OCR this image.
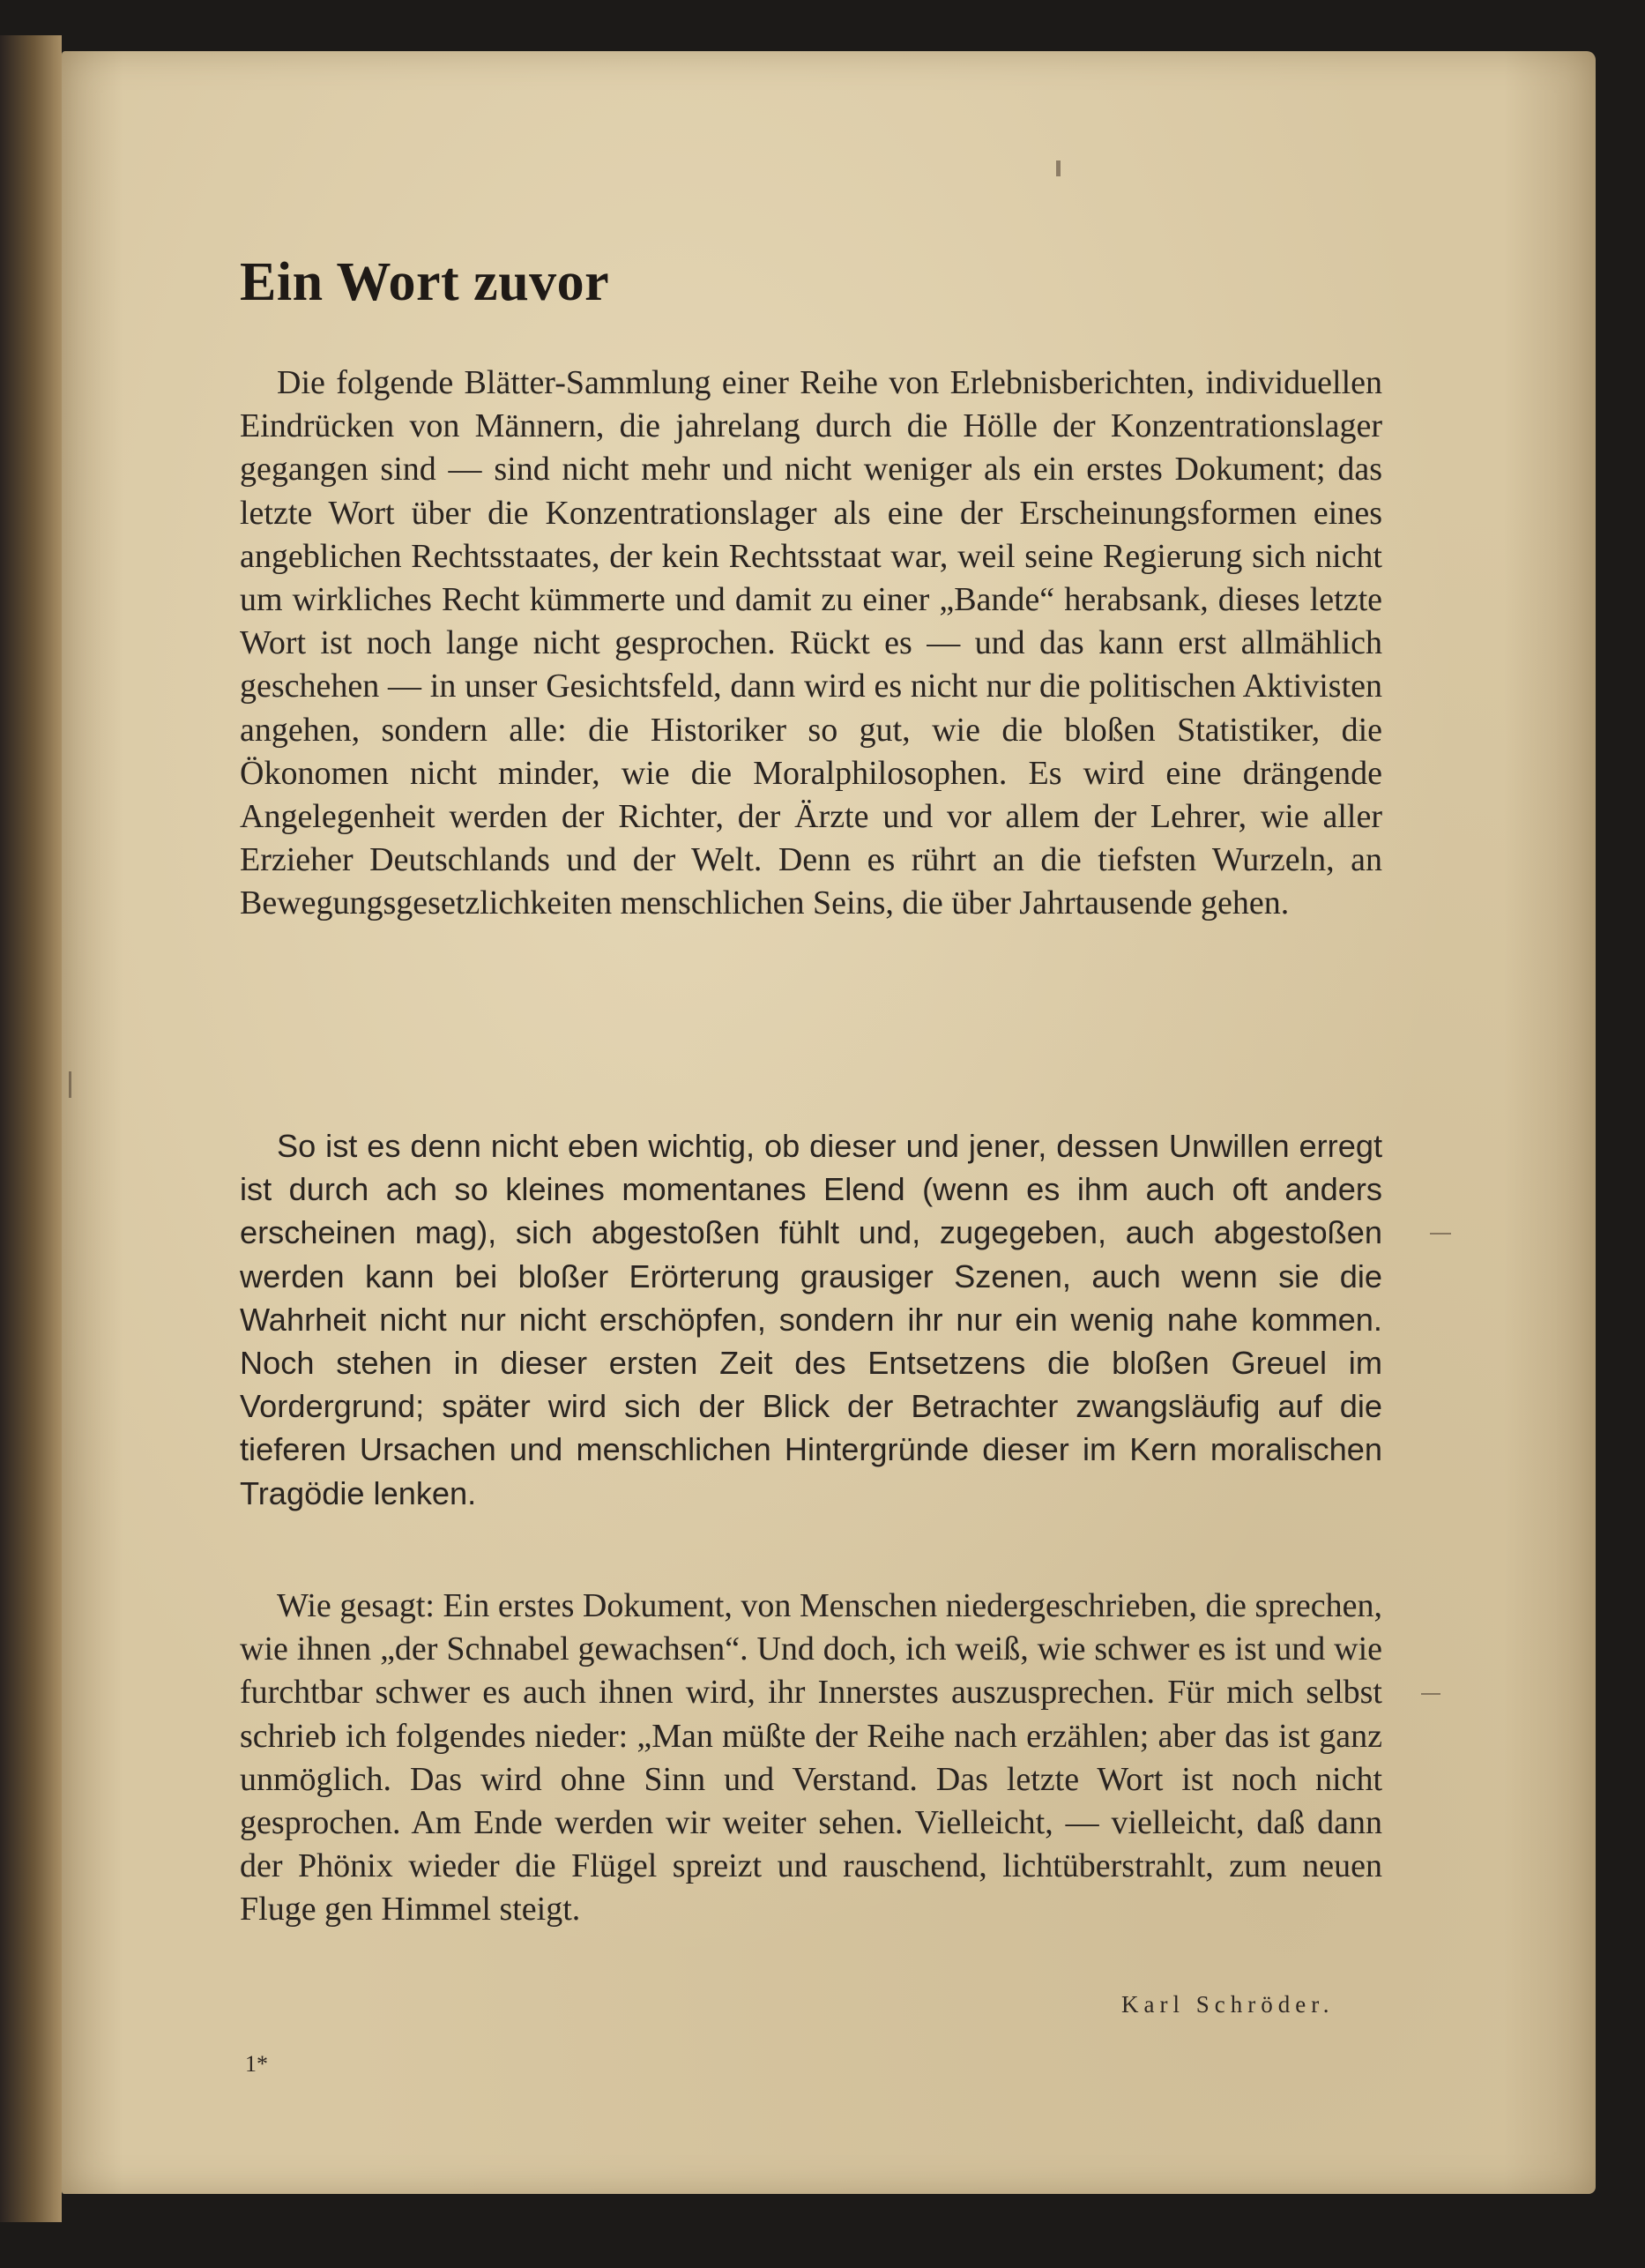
Ein Wort zuvor

Die folgende Blätter-Sammlung einer Reihe von Erlebnisberichten, individuellen Eindrücken von Männern, die jahrelang durch die Hölle der Konzentrationslager gegangen sind — sind nicht mehr und nicht weniger als ein erstes Dokument; das letzte Wort über die Konzentrationslager als eine der Erscheinungsformen eines angeblichen Rechtsstaates, der kein Rechtsstaat war, weil seine Regierung sich nicht um wirkliches Recht kümmerte und damit zu einer „Bande“ herabsank, dieses letzte Wort ist noch lange nicht gesprochen. Rückt es — und das kann erst allmählich geschehen — in unser Gesichtsfeld, dann wird es nicht nur die politischen Aktivisten angehen, sondern alle: die Historiker so gut, wie die bloßen Statistiker, die Ökonomen nicht minder, wie die Moralphilosophen. Es wird eine drängende Angelegenheit werden der Richter, der Ärzte und vor allem der Lehrer, wie aller Erzieher Deutschlands und der Welt. Denn es rührt an die tiefsten Wurzeln, an Bewegungsgesetzlichkeiten menschlichen Seins, die über Jahrtausende gehen.

So ist es denn nicht eben wichtig, ob dieser und jener, dessen Unwillen erregt ist durch ach so kleines momentanes Elend (wenn es ihm auch oft anders erscheinen mag), sich abgestoßen fühlt und, zugegeben, auch abgestoßen werden kann bei bloßer Erörterung grausiger Szenen, auch wenn sie die Wahrheit nicht nur nicht erschöpfen, sondern ihr nur ein wenig nahe kommen. Noch stehen in dieser ersten Zeit des Entsetzens die bloßen Greuel im Vordergrund; später wird sich der Blick der Betrachter zwangsläufig auf die tieferen Ursachen und menschlichen Hintergründe dieser im Kern moralischen Tragödie lenken.

Wie gesagt: Ein erstes Dokument, von Menschen niedergeschrieben, die sprechen, wie ihnen „der Schnabel gewachsen“. Und doch, ich weiß, wie schwer es ist und wie furchtbar schwer es auch ihnen wird, ihr Innerstes auszusprechen. Für mich selbst schrieb ich folgendes nieder: „Man müßte der Reihe nach erzählen; aber das ist ganz unmöglich. Das wird ohne Sinn und Verstand. Das letzte Wort ist noch nicht gesprochen. Am Ende werden wir weiter sehen. Vielleicht, — vielleicht, daß dann der Phönix wieder die Flügel spreizt und rauschend, lichtüberstrahlt, zum neuen Fluge gen Himmel steigt.

Karl Schröder.
1*
